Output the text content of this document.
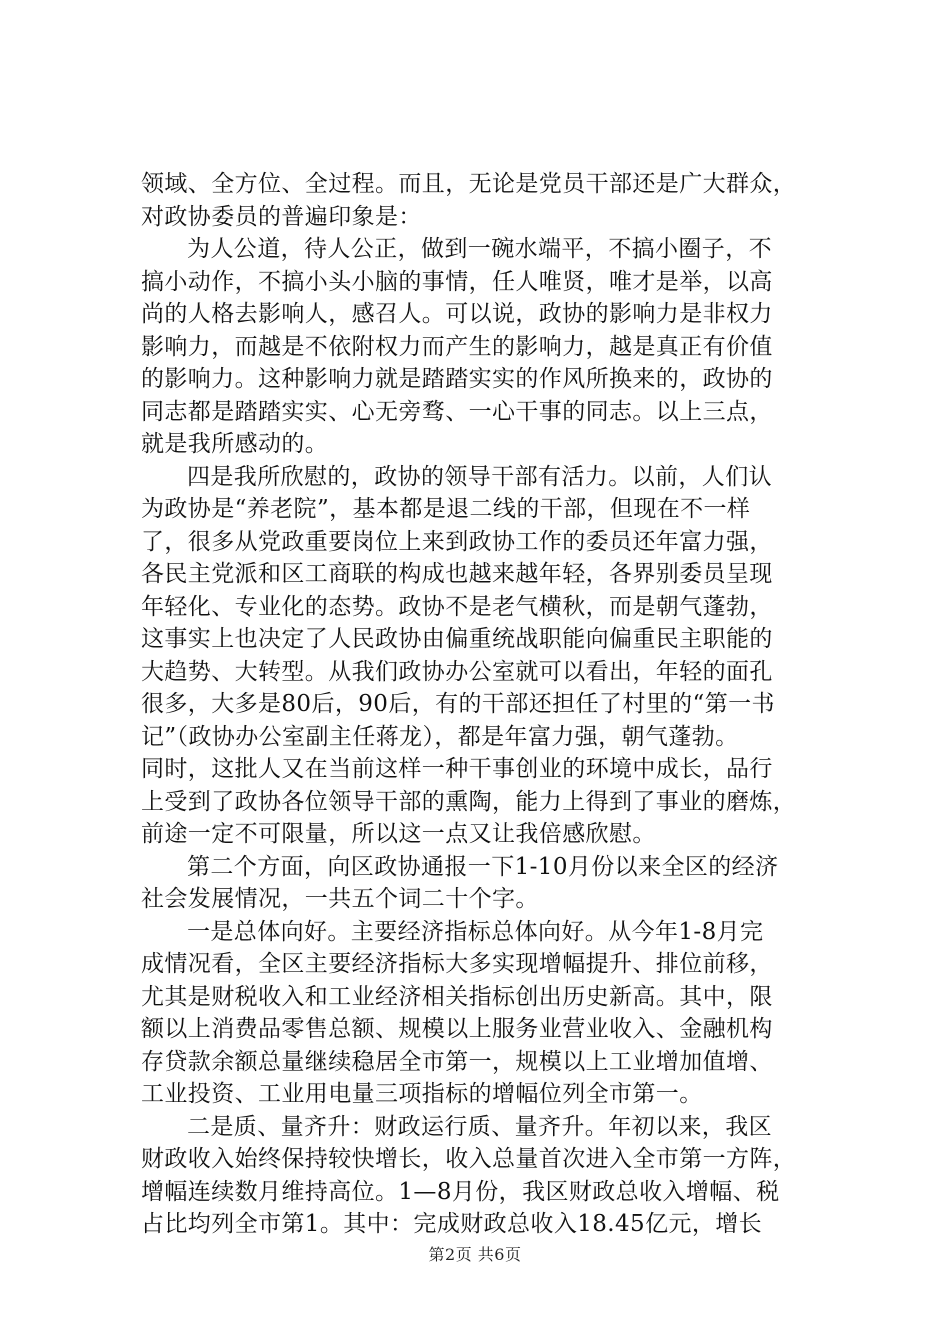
领域、全方位、全过程。而且，无论是党员干部还是广大群众，
对政协委员的普遍印象是：
为人公道，待人公正，做到一碗水端平，不搞小圈子，不
搞小动作，不搞小头小脑的事情，任人唯贤，唯才是举，以高
尚的人格去影响人，感召人。可以说，政协的影响力是非权力
影响力，而越是不依附权力而产生的影响力，越是真正有价值
的影响力。这种影响力就是踏踏实实的作风所换来的，政协的
同志都是踏踏实实、心无旁骛、一心干事的同志。以上三点，
就是我所感动的。
四是我所欣慰的，政协的领导干部有活力。以前，人们认
为政协是“养老院”，基本都是退二线的干部，但现在不一样
了，很多从党政重要岗位上来到政协工作的委员还年富力强，
各民主党派和区工商联的构成也越来越年轻，各界别委员呈现
年轻化、专业化的态势。政协不是老气横秋，而是朝气蓬勃，
这事实上也决定了人民政协由偏重统战职能向偏重民主职能的
大趋势、大转型。从我们政协办公室就可以看出，年轻的面孔
很多，大多是80后，90后，有的干部还担任了村里的“第一书
记”（政协办公室副主任蒋龙），都是年富力强，朝气蓬勃。
同时，这批人又在当前这样一种干事创业的环境中成长，品行
上受到了政协各位领导干部的熏陶，能力上得到了事业的磨炼，
前途一定不可限量，所以这一点又让我倍感欣慰。
第二个方面，向区政协通报一下1-10月份以来全区的经济
社会发展情况，一共五个词二十个字。
一是总体向好。主要经济指标总体向好。从今年1-8月完
成情况看，全区主要经济指标大多实现增幅提升、排位前移，
尤其是财税收入和工业经济相关指标创出历史新高。其中，限
额以上消费品零售总额、规模以上服务业营业收入、金融机构
存贷款余额总量继续稳居全市第一，规模以上工业增加值增、
工业投资、工业用电量三项指标的增幅位列全市第一。
二是质、量齐升：财政运行质、量齐升。年初以来，我区
财政收入始终保持较快增长，收入总量首次进入全市第一方阵，
增幅连续数月维持高位。1—8月份，我区财政总收入增幅、税
占比均列全市第1。其中：完成财政总收入18.45亿元，增长
第2页 共6页
